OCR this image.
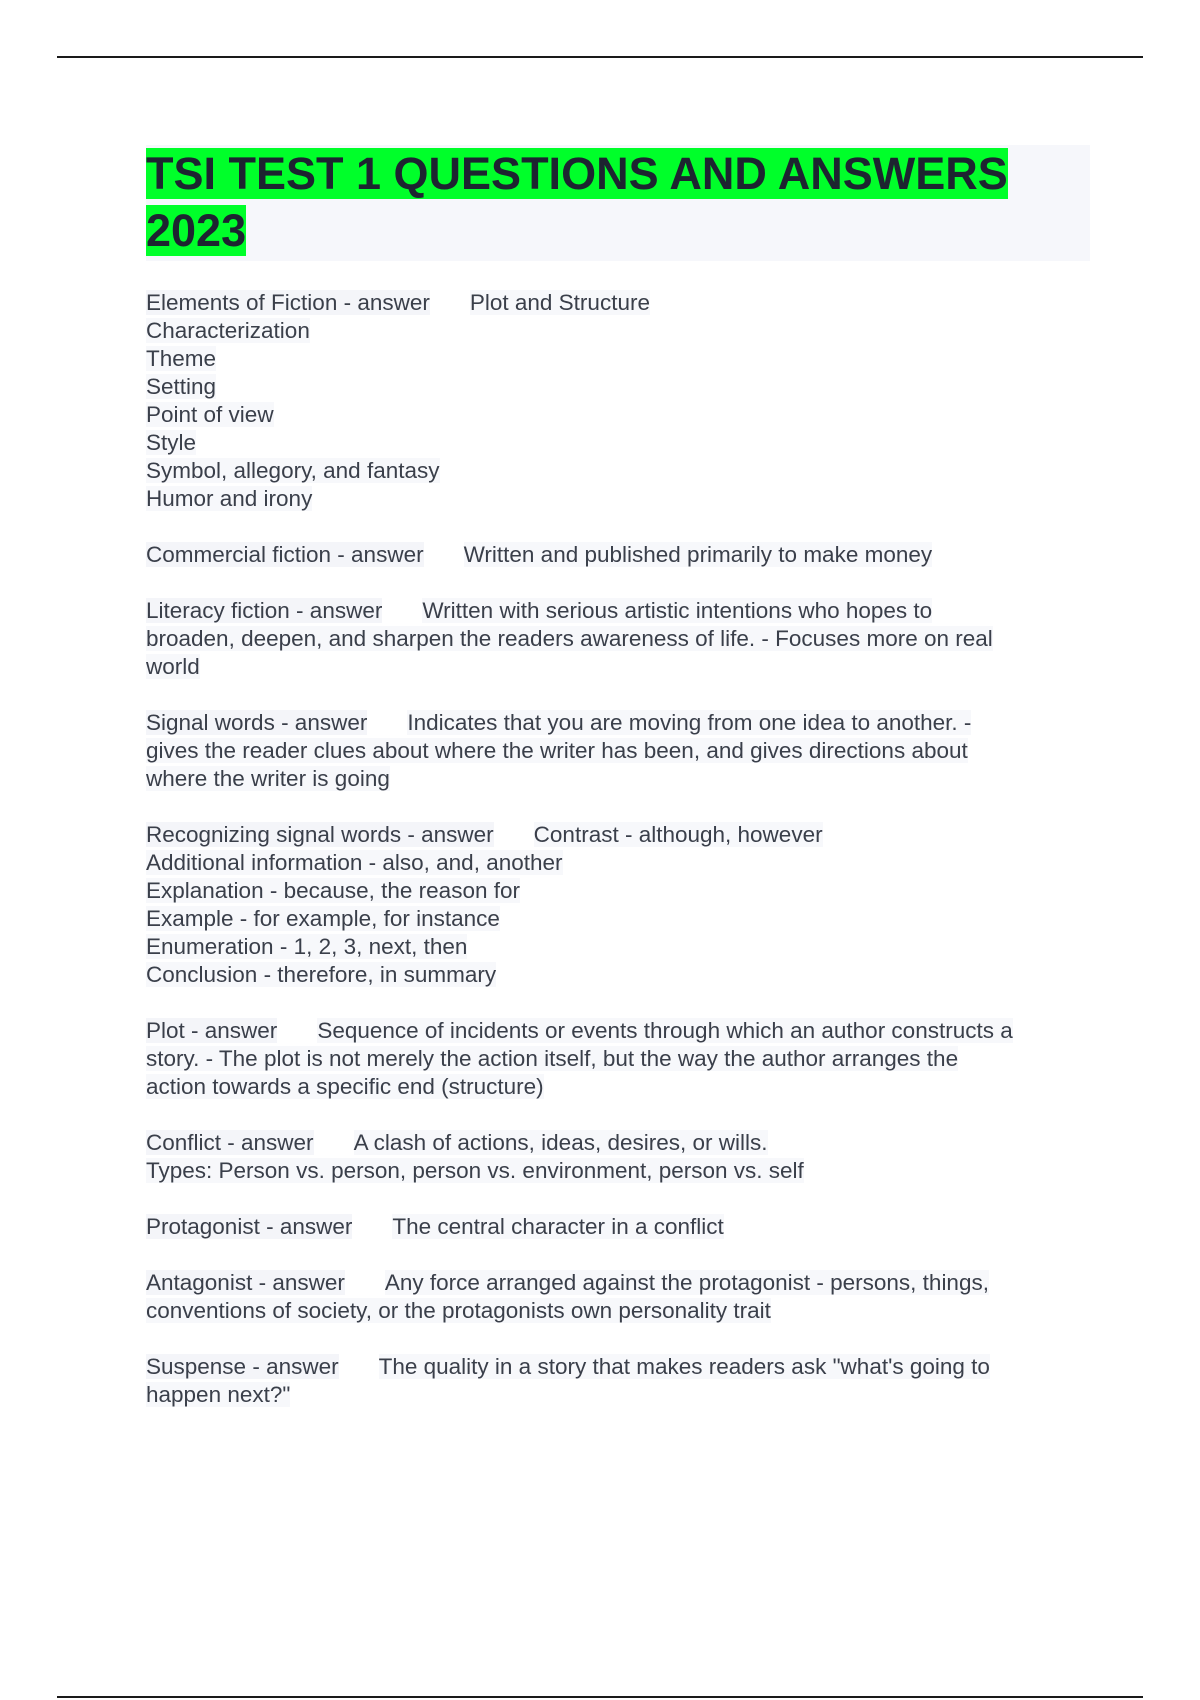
TSI TEST 1 QUESTIONS AND ANSWERS 2023
Elements of Fiction - answer Plot and Structure
Characterization
Theme
Setting
Point of view
Style
Symbol, allegory, and fantasy
Humor and irony
Commercial fiction - answer Written and published primarily to make money
Literacy fiction - answer Written with serious artistic intentions who hopes to
broaden, deepen, and sharpen the readers awareness of life. - Focuses more on real
world
Signal words - answer Indicates that you are moving from one idea to another. -
gives the reader clues about where the writer has been, and gives directions about
where the writer is going
Recognizing signal words - answer Contrast - although, however
Additional information - also, and, another
Explanation - because, the reason for
Example - for example, for instance
Enumeration - 1, 2, 3, next, then
Conclusion - therefore, in summary
Plot - answer Sequence of incidents or events through which an author constructs a
story. - The plot is not merely the action itself, but the way the author arranges the
action towards a specific end (structure)
Conflict - answer A clash of actions, ideas, desires, or wills.
Types: Person vs. person, person vs. environment, person vs. self
Protagonist - answer The central character in a conflict
Antagonist - answer Any force arranged against the protagonist - persons, things,
conventions of society, or the protagonists own personality trait
Suspense - answer The quality in a story that makes readers ask "what's going to
happen next?"
